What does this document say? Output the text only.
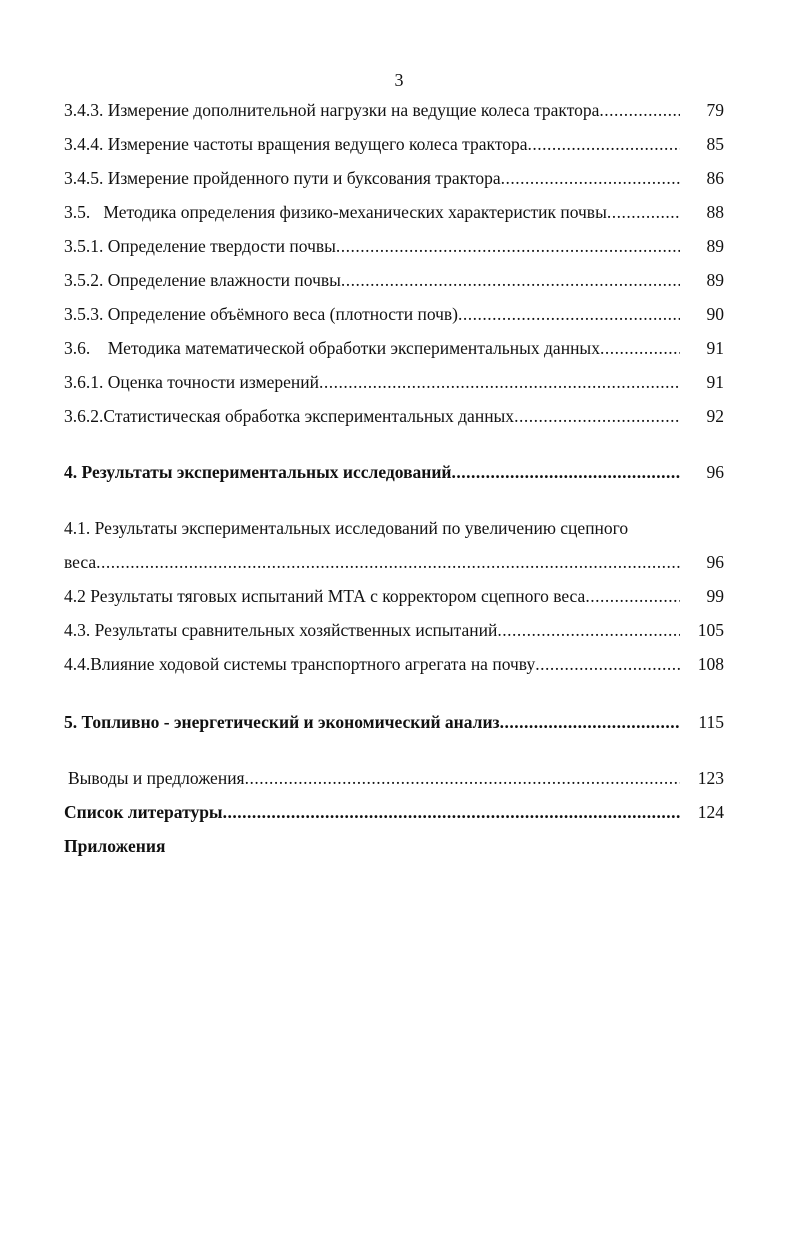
3
3.4.3. Измерение дополнительной нагрузки на ведущие колеса трактора .....	79
3.4.4. Измерение частоты вращения ведущего колеса трактора .....	85
3.4.5. Измерение пройденного пути и буксования трактора .....	86
3.5.   Методика определения физико-механических характеристик почвы .....	88
3.5.1. Определение твердости почвы .....	89
3.5.2. Определение влажности почвы .....	89
3.5.3. Определение объёмного веса (плотности почв) .....	90
3.6.    Методика математической обработки экспериментальных данных .....	91
3.6.1. Оценка точности измерений .....	91
3.6.2.Статистическая обработка экспериментальных данных .....	92
4. Результаты экспериментальных исследований .....	96
4.1. Результаты экспериментальных исследований по увеличению сцепного
веса .....	96
4.2 Результаты тяговых испытаний МТА с корректором сцепного веса .....	99
4.3. Результаты сравнительных хозяйственных испытаний .....	105
4.4.Влияние ходовой системы транспортного агрегата на почву .....	108
5. Топливно - энергетический и экономический анализ .....	115
Выводы и предложения .....	123
Список литературы .....	124
Приложения
